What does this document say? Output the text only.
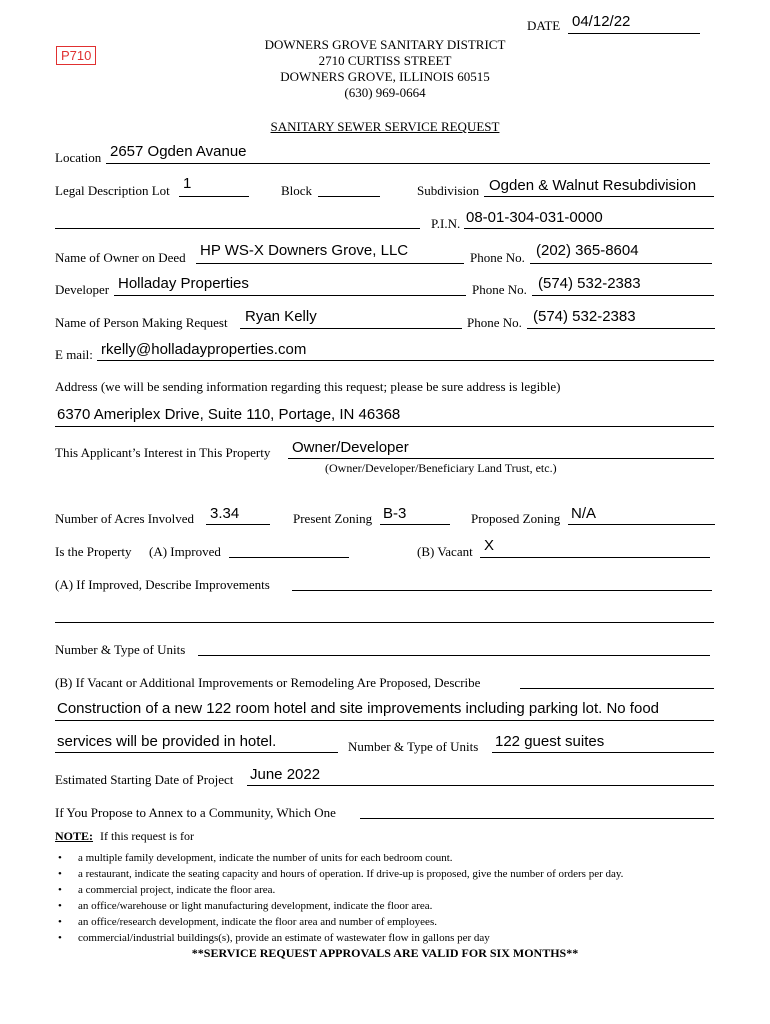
P710
DATE 04/12/22
DOWNERS GROVE SANITARY DISTRICT
2710 CURTISS STREET
DOWNERS GROVE, ILLINOIS 60515
(630) 969-0664
SANITARY SEWER SERVICE REQUEST
Location 2657 Ogden Avanue
Legal Description Lot 1	Block	Subdivision Ogden & Walnut Resubdivision
P.I.N. 08-01-304-031-0000
Name of Owner on Deed HP WS-X Downers Grove, LLC	Phone No. (202) 365-8604
Developer Holladay Properties	Phone No. (574) 532-2383
Name of Person Making Request Ryan Kelly	Phone No. (574) 532-2383
E mail: rkelly@holladayproperties.com
Address (we will be sending information regarding this request; please be sure address is legible)
6370 Ameriplex Drive, Suite 110, Portage, IN 46368
This Applicant’s Interest in This Property Owner/Developer
(Owner/Developer/Beneficiary Land Trust, etc.)
Number of Acres Involved 3.34	Present Zoning B-3	Proposed Zoning N/A
Is the Property (A) Improved	(B) Vacant X
(A) If Improved, Describe Improvements
Number & Type of Units
(B) If Vacant or Additional Improvements or Remodeling Are Proposed, Describe
Construction of a new 122 room hotel and site improvements including parking lot. No food
services will be provided in hotel.	Number & Type of Units 122 guest suites
Estimated Starting Date of Project June 2022
If You Propose to Annex to a Community, Which One
NOTE: If this request is for
• a multiple family development, indicate the number of units for each bedroom count.
• a restaurant, indicate the seating capacity and hours of operation. If drive-up is proposed, give the number of orders per day.
• a commercial project, indicate the floor area.
• an office/warehouse or light manufacturing development, indicate the floor area.
• an office/research development, indicate the floor area and number of employees.
• commercial/industrial buildings(s), provide an estimate of wastewater flow in gallons per day
**SERVICE REQUEST APPROVALS ARE VALID FOR SIX MONTHS**
